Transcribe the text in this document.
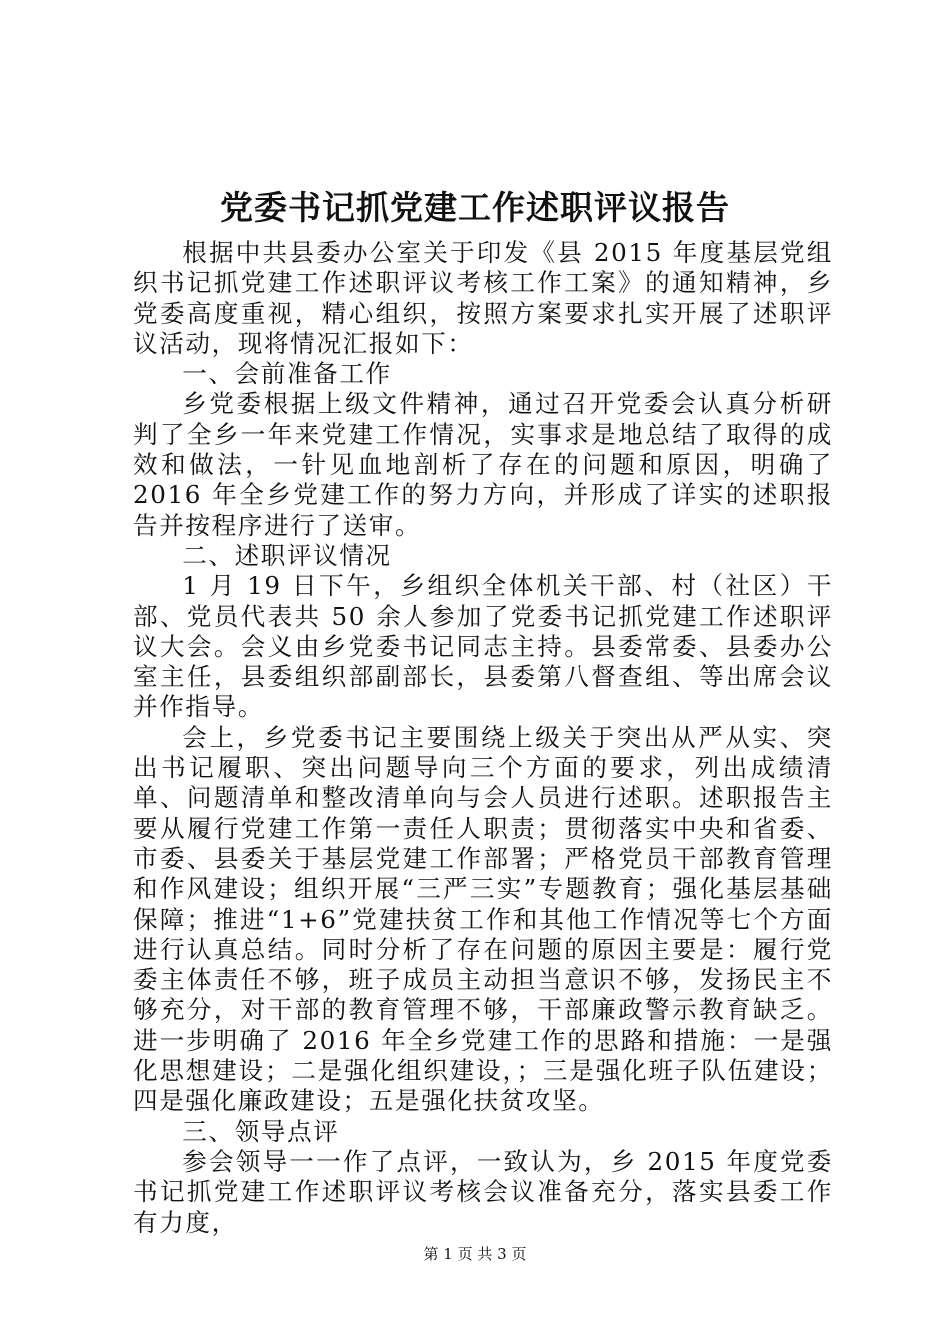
党委书记抓党建工作述职评议报告

根据中共县委办公室关于印发《县 2015 年度基层党组织书记抓党建工作述职评议考核工作工案》的通知精神，乡党委高度重视，精心组织，按照方案要求扎实开展了述职评议活动，现将情况汇报如下：

一、会前准备工作

乡党委根据上级文件精神，通过召开党委会认真分析研判了全乡一年来党建工作情况，实事求是地总结了取得的成效和做法，一针见血地剖析了存在的问题和原因，明确了 2016 年全乡党建工作的努力方向，并形成了详实的述职报告并按程序进行了送审。

二、述职评议情况

1 月 19 日下午，乡组织全体机关干部、村（社区）干部、党员代表共 50 余人参加了党委书记抓党建工作述职评议大会。会义由乡党委书记同志主持。县委常委、县委办公室主任，县委组织部副部长，县委第八督查组、等出席会议并作指导。

会上，乡党委书记主要围绕上级关于突出从严从实、突出书记履职、突出问题导向三个方面的要求，列出成绩清单、问题清单和整改清单向与会人员进行述职。述职报告主要从履行党建工作第一责任人职责；贯彻落实中央和省委、市委、县委关于基层党建工作部署；严格党员干部教育管理和作风建设；组织开展“三严三实”专题教育；强化基层基础保障；推进“1+6”党建扶贫工作和其他工作情况等七个方面进行认真总结。同时分析了存在问题的原因主要是：履行党委主体责任不够，班子成员主动担当意识不够，发扬民主不够充分，对干部的教育管理不够，干部廉政警示教育缺乏。进一步明确了 2016 年全乡党建工作的思路和措施：一是强化思想建设；二是强化组织建设，；三是强化班子队伍建设；四是强化廉政建设；五是强化扶贫攻坚。

三、领导点评

参会领导一一作了点评，一致认为，乡 2015 年度党委书记抓党建工作述职评议考核会议准备充分，落实县委工作有力度，

第 1 页 共 3 页
